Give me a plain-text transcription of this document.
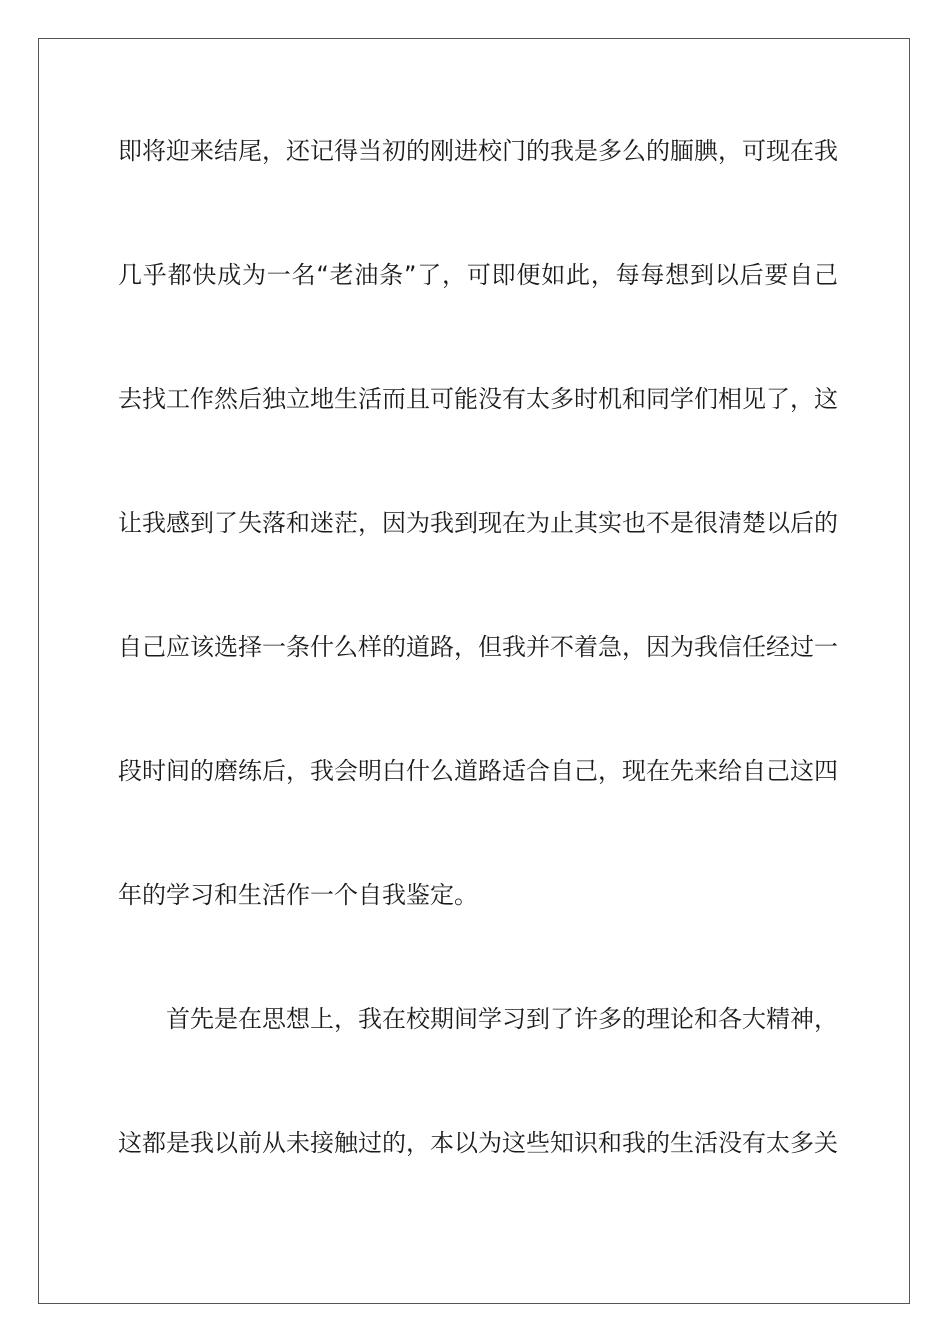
即将迎来结尾，还记得当初的刚进校门的我是多么的腼腆，可现在我
几乎都快成为一名“老油条”了，可即便如此，每每想到以后要自己
去找工作然后独立地生活而且可能没有太多时机和同学们相见了，这
让我感到了失落和迷茫，因为我到现在为止其实也不是很清楚以后的
自己应该选择一条什么样的道路，但我并不着急，因为我信任经过一
段时间的磨练后，我会明白什么道路适合自己，现在先来给自己这四
年的学习和生活作一个自我鉴定。
首先是在思想上，我在校期间学习到了许多的理论和各大精神，
这都是我以前从未接触过的，本以为这些知识和我的生活没有太多关
